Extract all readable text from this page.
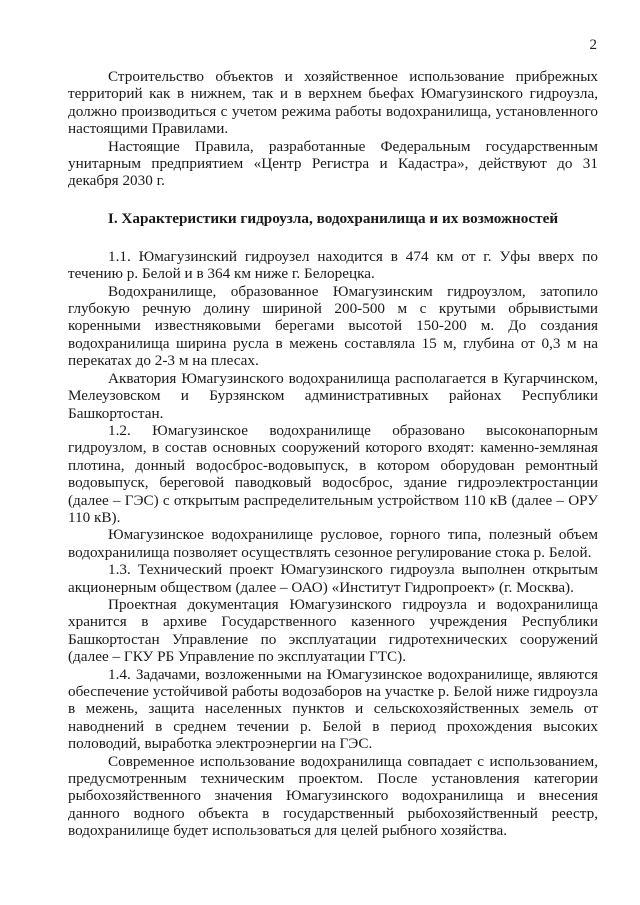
2

Строительство объектов и хозяйственное использование прибрежных территорий как в нижнем, так и в верхнем бьефах Юмагузинского гидроузла, должно производиться с учетом режима работы водохранилища, установленного настоящими Правилами.

Настоящие Правила, разработанные Федеральным государственным унитарным предприятием «Центр Регистра и Кадастра», действуют до 31 декабря 2030 г.

I. Характеристики гидроузла, водохранилища и их возможностей

1.1. Юмагузинский гидроузел находится в 474 км от г. Уфы вверх по течению р. Белой и в 364 км ниже г. Белорецка.

Водохранилище, образованное Юмагузинским гидроузлом, затопило глубокую речную долину шириной 200-500 м с крутыми обрывистыми коренными известняковыми берегами высотой 150-200 м. До создания водохранилища ширина русла в межень составляла 15 м, глубина от 0,3 м на перекатах до 2-3 м на плесах.

Акватория Юмагузинского водохранилища располагается в Кугарчинском, Мелеузовском и Бурзянском административных районах Республики Башкортостан.

1.2. Юмагузинское водохранилище образовано высоконапорным гидроузлом, в состав основных сооружений которого входят: каменно-земляная плотина, донный водосброс-водовыпуск, в котором оборудован ремонтный водовыпуск, береговой паводковый водосброс, здание гидроэлектростанции (далее – ГЭС) с открытым распределительным устройством 110 кВ (далее – ОРУ 110 кВ).

Юмагузинское водохранилище русловое, горного типа, полезный объем водохранилища позволяет осуществлять сезонное регулирование стока р. Белой.

1.3. Технический проект Юмагузинского гидроузла выполнен открытым акционерным обществом (далее – ОАО) «Институт Гидропроект» (г. Москва).

Проектная документация Юмагузинского гидроузла и водохранилища хранится в архиве Государственного казенного учреждения Республики Башкортостан Управление по эксплуатации гидротехнических сооружений (далее – ГКУ РБ Управление по эксплуатации ГТС).

1.4. Задачами, возложенными на Юмагузинское водохранилище, являются обеспечение устойчивой работы водозаборов на участке р. Белой ниже гидроузла в межень, защита населенных пунктов и сельскохозяйственных земель от наводнений в среднем течении р. Белой в период прохождения высоких половодий, выработка электроэнергии на ГЭС.

Современное использование водохранилища совпадает с использованием, предусмотренным техническим проектом. После установления категории рыбохозяйственного значения Юмагузинского водохранилища и внесения данного водного объекта в государственный рыбохозяйственный реестр, водохранилище будет использоваться для целей рыбного хозяйства.
